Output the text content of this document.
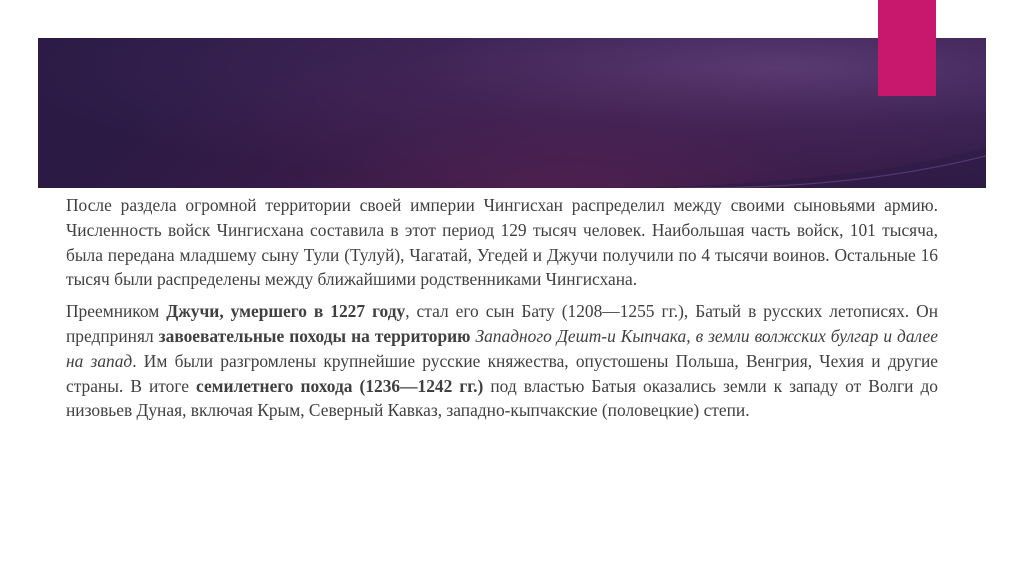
После раздела огромной территории своей империи Чингисхан распределил между своими сыновьями армию. Численность войск Чингисхана составила в этот период 129 тысяч человек. Наибольшая часть войск, 101 тысяча, была передана младшему сыну Тули (Тулуй), Чагатай, Угедей и Джучи получили по 4 тысячи воинов. Остальные 16 тысяч были распределены между ближайшими родственниками Чингисхана.

Преемником Джучи, умершего в 1227 году, стал его сын Бату (1208—1255 гг.), Батый в русских летописях. Он предпринял завоевательные походы на территорию Западного Дешт-и Кыпчака, в земли волжских булгар и далее на запад. Им были разгромлены крупнейшие русские княжества, опустошены Польша, Венгрия, Чехия и другие страны. В итоге семилетнего похода (1236—1242 гг.) под властью Батыя оказались земли к западу от Волги до низовьев Дуная, включая Крым, Северный Кавказ, западно-кыпчакские (половецкие) степи.
